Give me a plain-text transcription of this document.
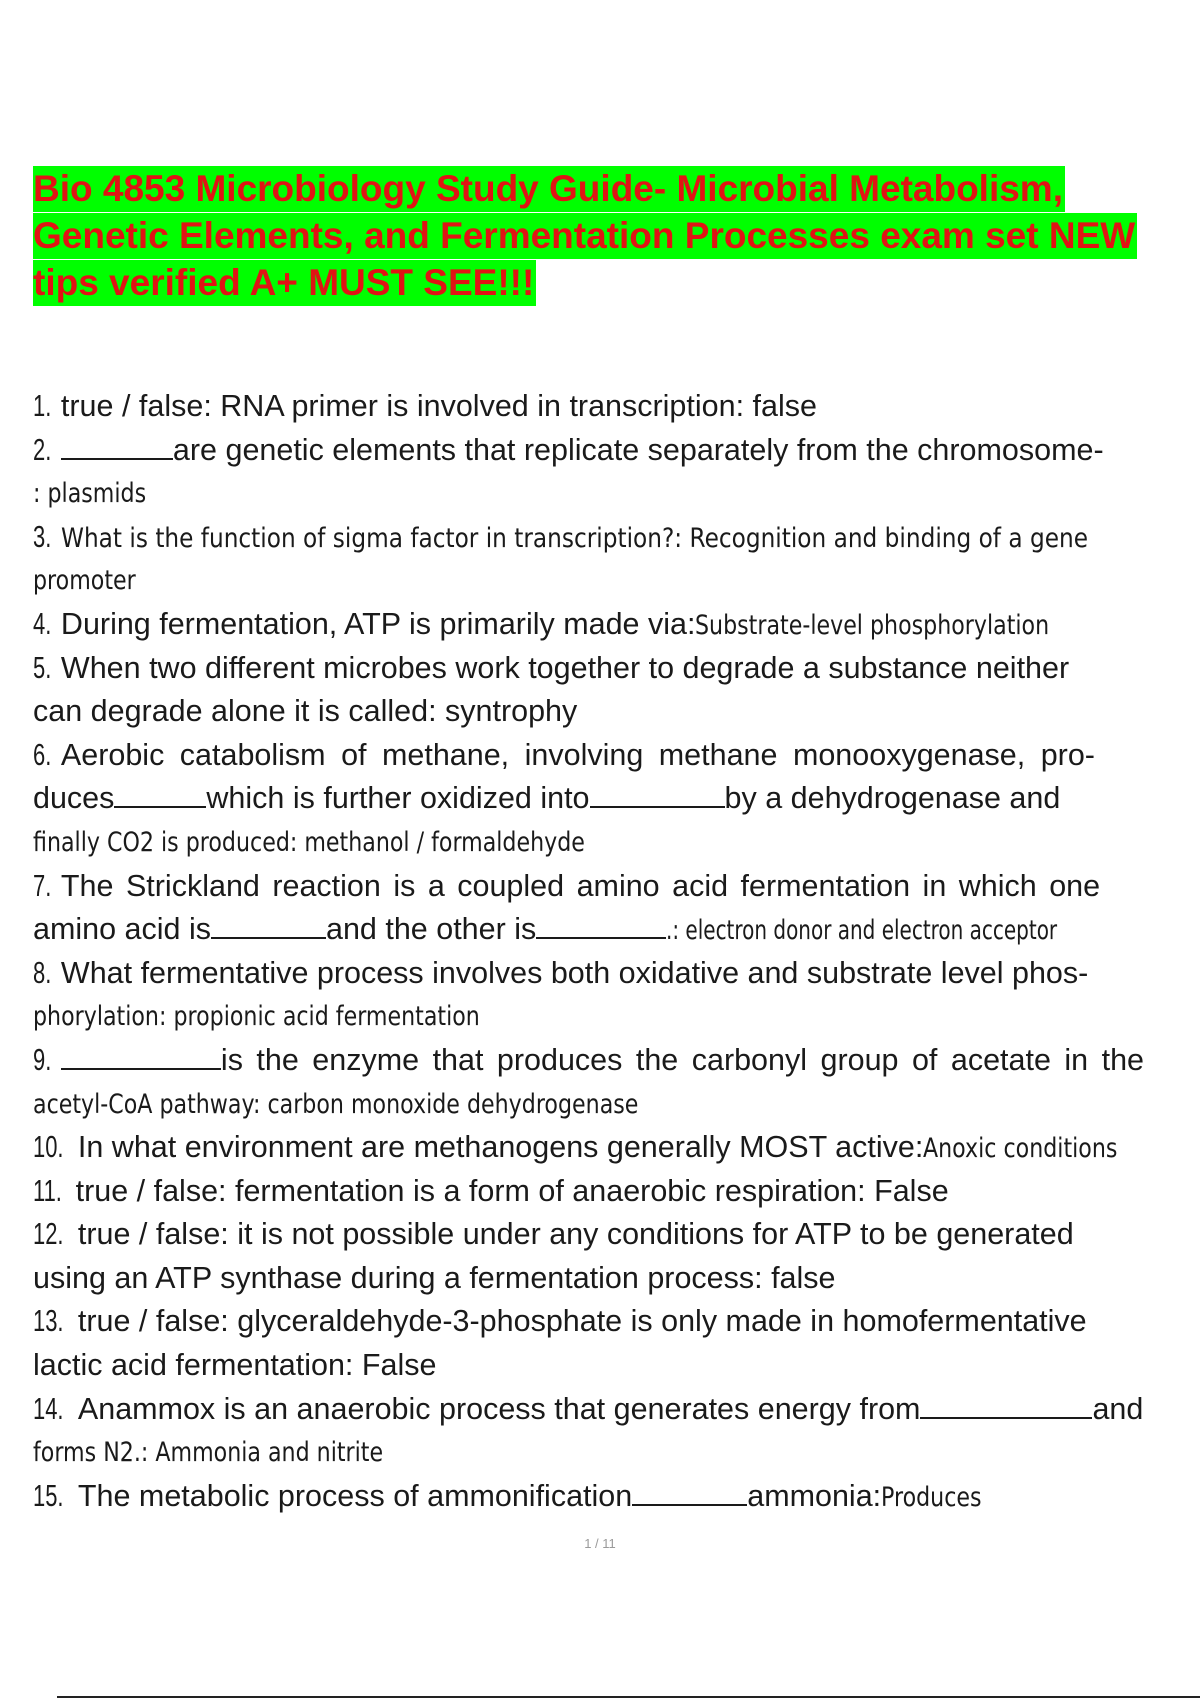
Bio 4853 Microbiology Study Guide- Microbial Metabolism,
Genetic Elements, and Fermentation Processes exam set NEW
tips verified A+ MUST SEE!!!
1.
true / false: RNA primer is involved in transcription: false
2.
	are genetic elements that replicate separately from the chromosome-
: plasmids
3.
What is the function of sigma factor in transcription?: Recognition and binding of a gene
promoter
4.
During fermentation, ATP is primarily made via: Substrate-level phosphorylation
5.
When two different microbes work together to degrade a substance neither
can degrade alone it is called: syntrophy
6.
Aerobic catabolism of methane, involving methane monooxygenase, pro-
duces	which is further oxidized into	by a dehydrogenase and
finally CO2 is produced: methanol / formaldehyde
7.
The Strickland reaction is a coupled amino acid fermentation in which one
amino acid is	and the other is	.: electron donor and electron acceptor
8.
What fermentative process involves both oxidative and substrate level phos-
phorylation: propionic acid fermentation
9.
	is the enzyme that produces the carbonyl group of acetate in the
acetyl-CoA pathway: carbon monoxide dehydrogenase
10.
In what environment are methanogens generally MOST active: Anoxic conditions
11.
true / false: fermentation is a form of anaerobic respiration: False
12.
true / false: it is not possible under any conditions for ATP to be generated
using an ATP synthase during a fermentation process: false
13.
true / false: glyceraldehyde-3-phosphate is only made in homofermentative
lactic acid fermentation: False
14.
Anammox is an anaerobic process that generates energy from	and
forms N2.: Ammonia and nitrite
15.
The metabolic process of ammonification	ammonia: Produces
1 / 11
